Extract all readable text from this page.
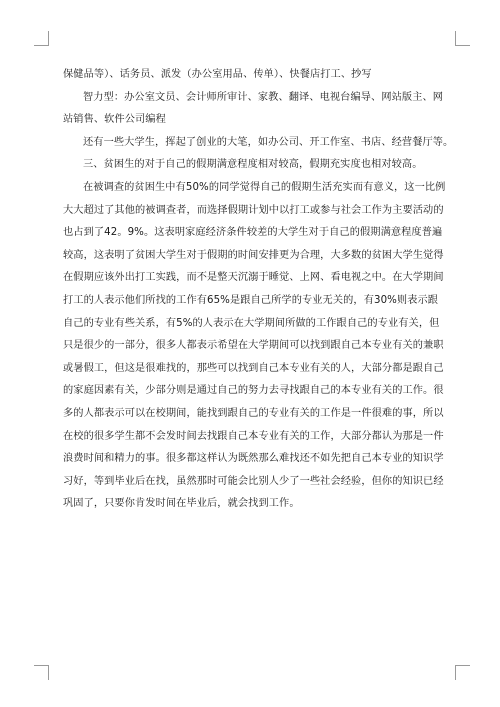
保健品等）、话务员、派发（办公室用品、传单）、快餐店打工、抄写

智力型：办公室文员、会计师所审计、家教、翻译、电视台编导、网站版主、网
站销售、软件公司编程

还有一些大学生，挥起了创业的大笔，如办公司、开工作室、书店、经营餐厅等。

三、贫困生的对于自己的假期满意程度相对较高，假期充实度也相对较高。

在被调查的贫困生中有50%的同学觉得自己的假期生活充实而有意义，这一比例
大大超过了其他的被调查者，而选择假期计划中以打工或参与社会工作为主要活动的
也占到了42。9%。这表明家庭经济条件较差的大学生对于自己的假期满意程度普遍
较高，这表明了贫困大学生对于假期的时间安排更为合理，大多数的贫困大学生觉得
在假期应该外出打工实践，而不是整天沉溺于睡觉、上网、看电视之中。在大学期间
打工的人表示他们所找的工作有65%是跟自己所学的专业无关的，有30%则表示跟
自己的专业有些关系，有5%的人表示在大学期间所做的工作跟自己的专业有关，但
只是很少的一部分，很多人都表示希望在大学期间可以找到跟自己本专业有关的兼职
或暑假工，但这是很难找的，那些可以找到自己本专业有关的人，大部分都是跟自己
的家庭因素有关，少部分则是通过自己的努力去寻找跟自己的本专业有关的工作。很
多的人都表示可以在校期间，能找到跟自己的专业有关的工作是一件很难的事，所以
在校的很多学生都不会发时间去找跟自己本专业有关的工作，大部分都认为那是一件
浪费时间和精力的事。很多都这样认为既然那么难找还不如先把自己本专业的知识学
习好，等到毕业后在找，虽然那时可能会比别人少了一些社会经验，但你的知识已经
巩固了，只要你肯发时间在毕业后，就会找到工作。
